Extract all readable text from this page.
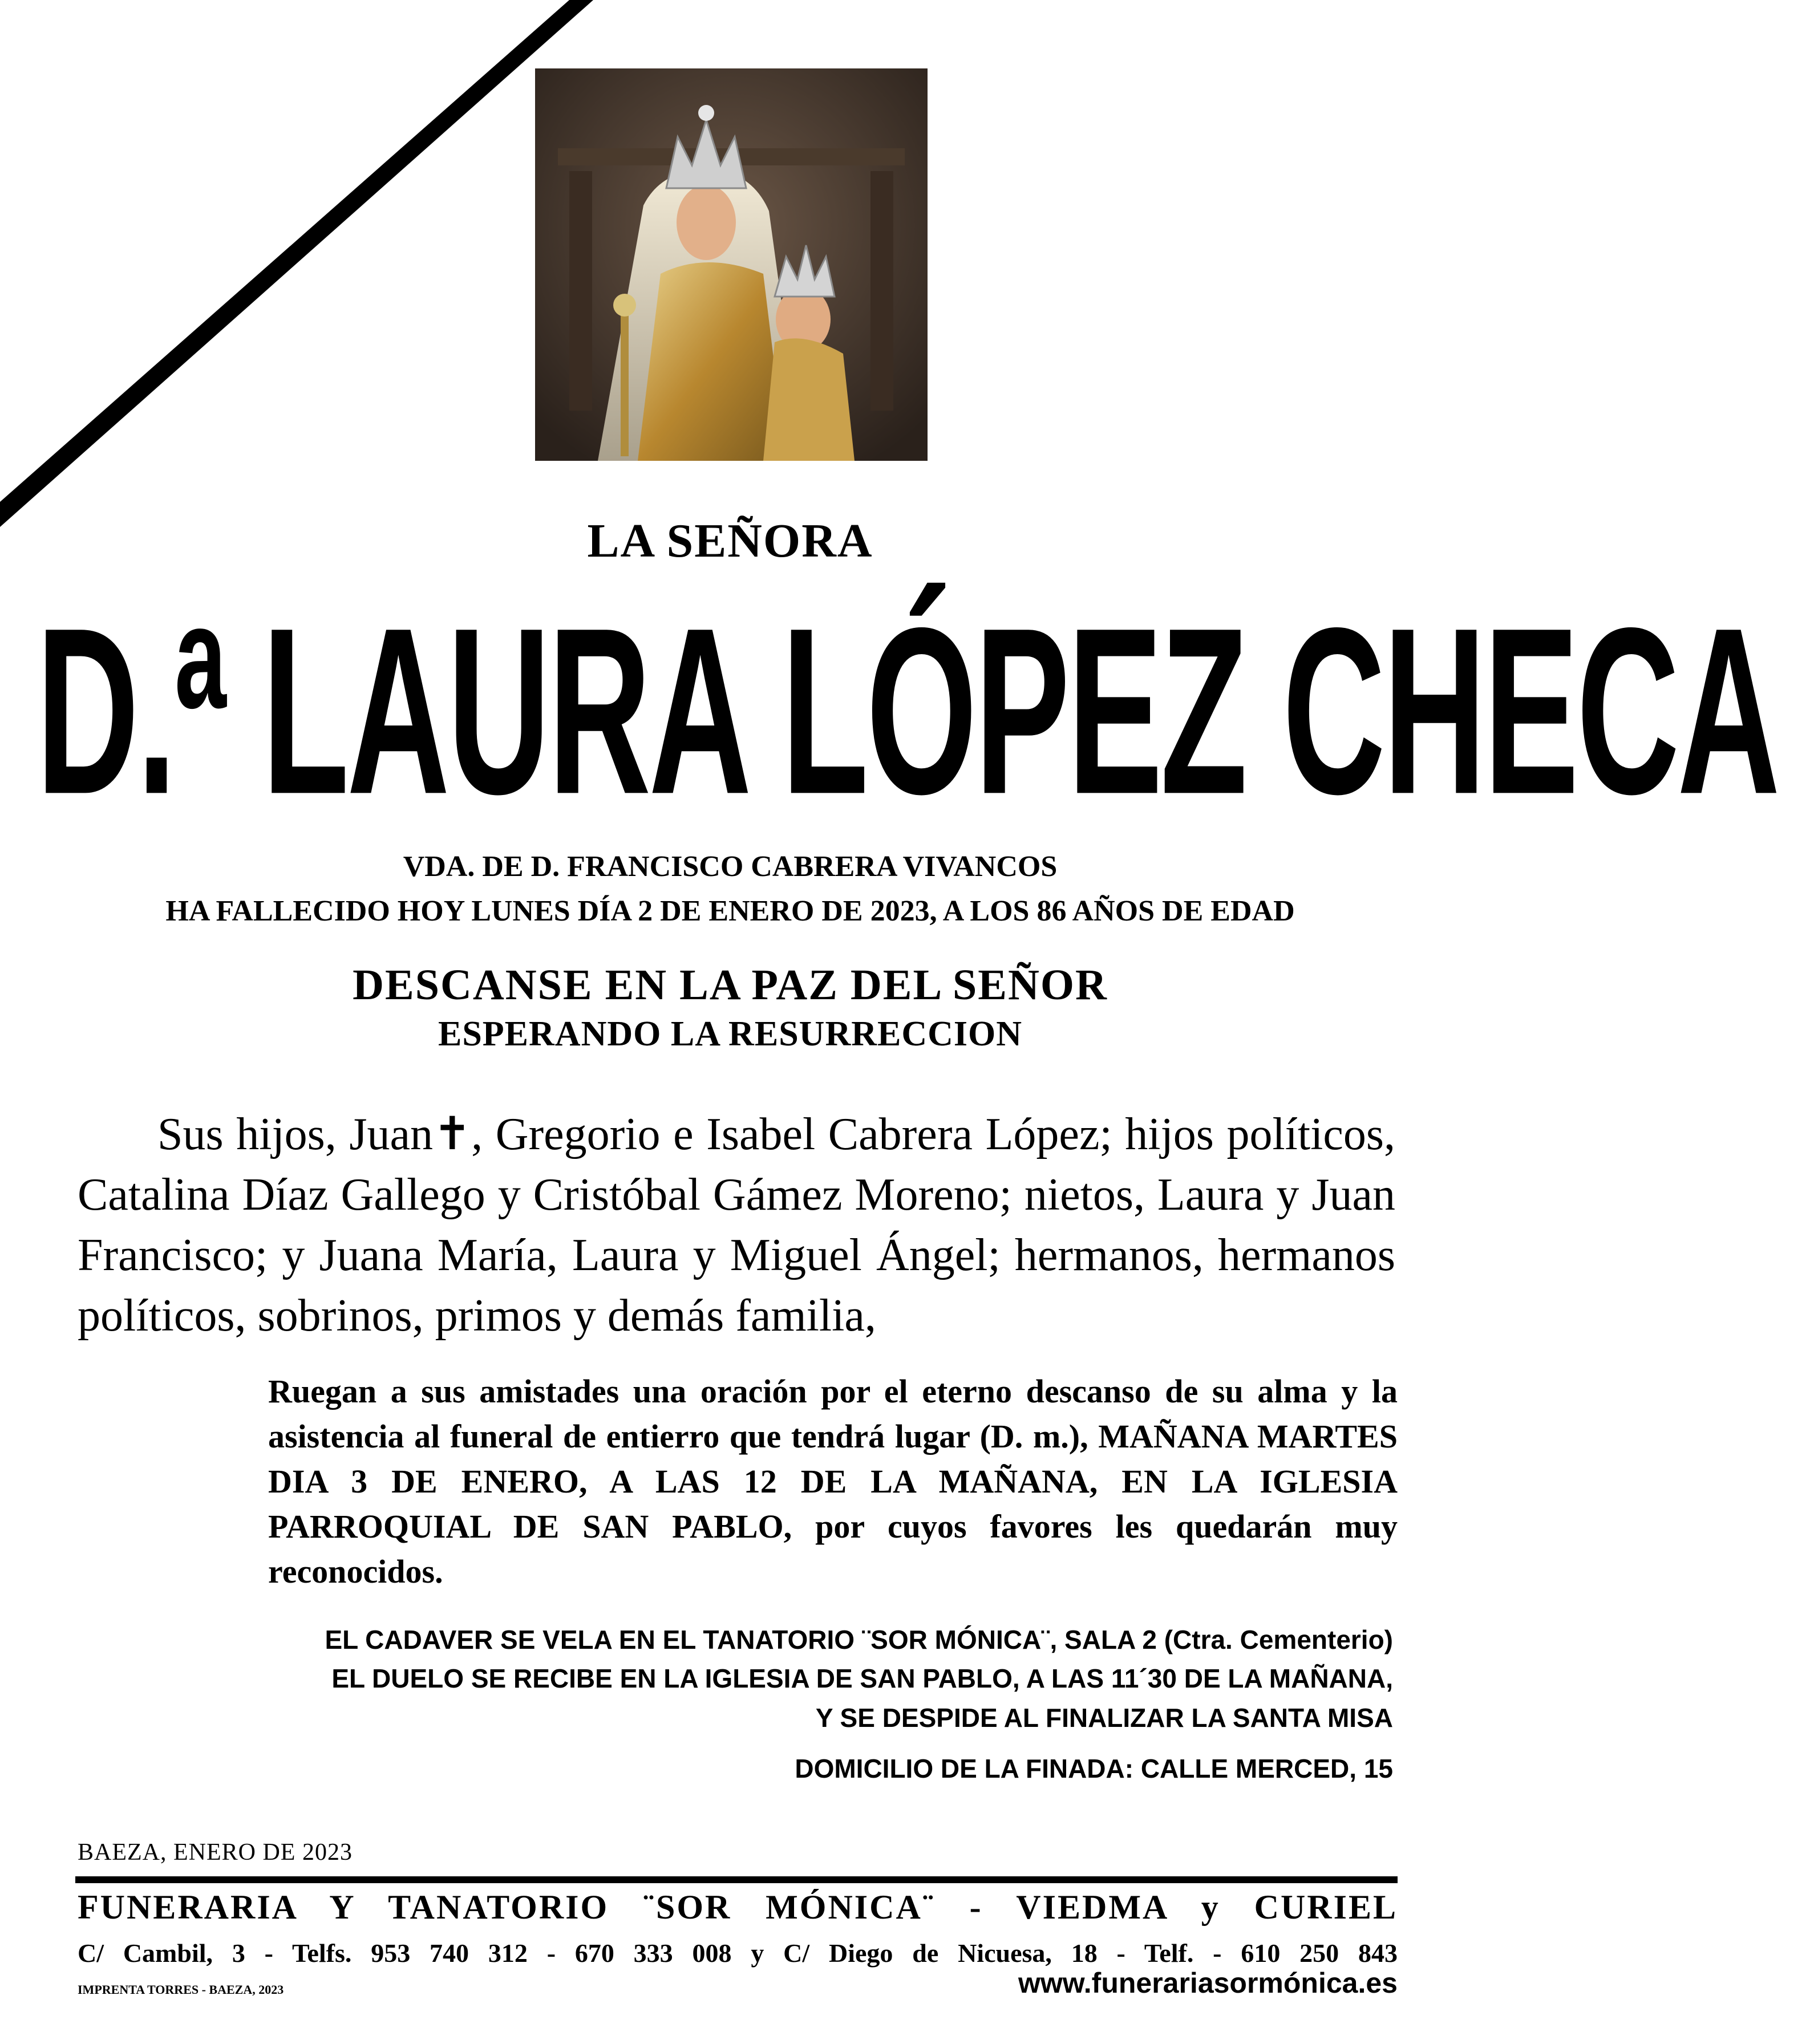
LA SEÑORA
D.ª LAURA LÓPEZ CHECA
VDA. DE D. FRANCISCO CABRERA VIVANCOS
HA FALLECIDO HOY LUNES DÍA 2 DE ENERO DE 2023, A LOS 86 AÑOS DE EDAD
DESCANSE EN LA PAZ DEL SEÑOR
ESPERANDO LA RESURRECCION
Sus hijos, Juan✝, Gregorio e Isabel Cabrera López; hijos políticos, Catalina Díaz Gallego y Cristóbal Gámez Moreno; nietos, Laura y Juan Francisco; y Juana María, Laura y Miguel Ángel; hermanos, hermanos políticos, sobrinos, primos y demás familia,
Ruegan a sus amistades una oración por el eterno descanso de su alma y la asistencia al funeral de entierro que tendrá lugar (D. m.), MAÑANA MARTES DIA 3 DE ENERO, A LAS 12 DE LA MAÑANA, EN LA IGLESIA PARROQUIAL DE SAN PABLO, por cuyos favores les quedarán muy reconocidos.
EL CADAVER SE VELA EN EL TANATORIO ¨SOR MÓNICA¨, SALA 2 (Ctra. Cementerio)
EL DUELO SE RECIBE EN LA IGLESIA DE SAN PABLO, A LAS 11´30 DE LA MAÑANA,
Y SE DESPIDE AL FINALIZAR LA SANTA MISA
DOMICILIO DE LA FINADA: CALLE MERCED, 15
BAEZA, ENERO DE 2023
FUNERARIA Y TANATORIO ¨SOR MÓNICA¨ - VIEDMA y CURIEL
C/ Cambil, 3 - Telfs. 953 740 312 - 670 333 008 y C/ Diego de Nicuesa, 18 - Telf. - 610 250 843
IMPRENTA TORRES - BAEZA, 2023	www.funerariasormónica.es
